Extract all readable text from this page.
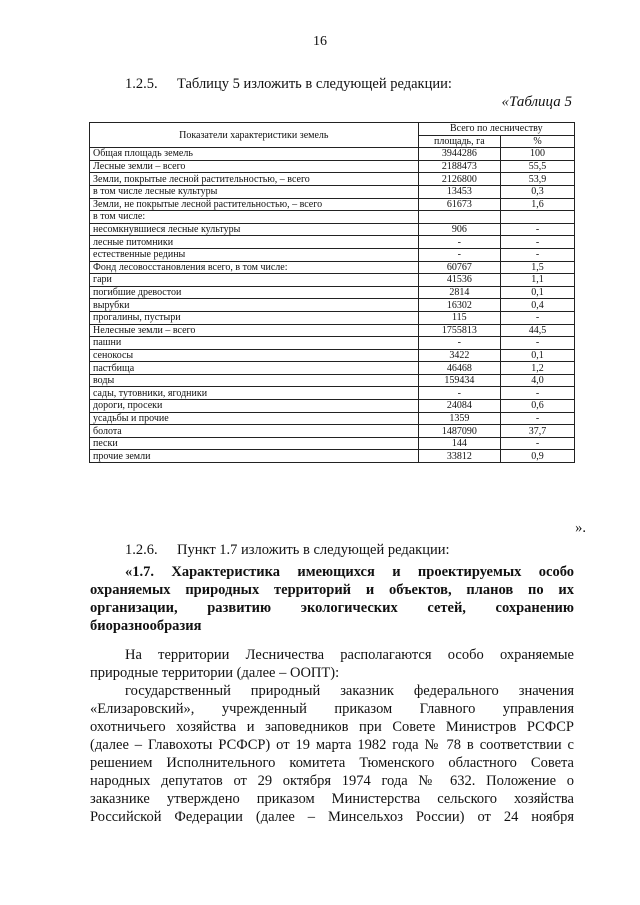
16
1.2.5. Таблицу 5 изложить в следующей редакции:
«Таблица 5
Показатели характеристики земель	Всего по лесничеству	
	площадь, га	%
Общая площадь земель	3944286	100
Лесные земли – всего	2188473	55,5
Земли, покрытые лесной растительностью, – всего	2126800	53,9
в том числе лесные культуры	13453	0,3
Земли, не покрытые лесной растительностью, – всего	61673	1,6
в том числе:		
несомкнувшиеся лесные культуры	906	-
лесные питомники	-	-
естественные редины	-	-
Фонд лесовосстановления всего, в том числе:	60767	1,5
гари	41536	1,1
погибшие древостои	2814	0,1
вырубки	16302	0,4
прогалины, пустыри	115	-
Нелесные земли – всего	1755813	44,5
пашни	-	-
сенокосы	3422	0,1
пастбища	46468	1,2
воды	159434	4,0
сады, тутовники, ягодники	-	-
дороги, просеки	24084	0,6
усадьбы и прочие	1359	-
болота	1487090	37,7
пески	144	-
прочие земли	33812	0,9
».
1.2.6. Пункт 1.7 изложить в следующей редакции:
«1.7. Характеристика имеющихся и проектируемых особо
охраняемых природных территорий и объектов, планов по их
организации, развитию экологических сетей, сохранению
биоразнообразия
На территории Лесничества располагаются особо охраняемые
природные территории (далее – ООПТ):
государственный природный заказник федерального значения
«Елизаровский», учрежденный приказом Главного управления
охотничьего хозяйства и заповедников при Совете Министров РСФСР
(далее – Главохоты РСФСР) от 19 марта 1982 года № 78 в соответствии с
решением Исполнительного комитета Тюменского областного Совета
народных депутатов от 29 октября 1974 года № 632. Положение о
заказнике утверждено приказом Министерства сельского хозяйства
Российской Федерации (далее – Минсельхоз России) от 24 ноября
